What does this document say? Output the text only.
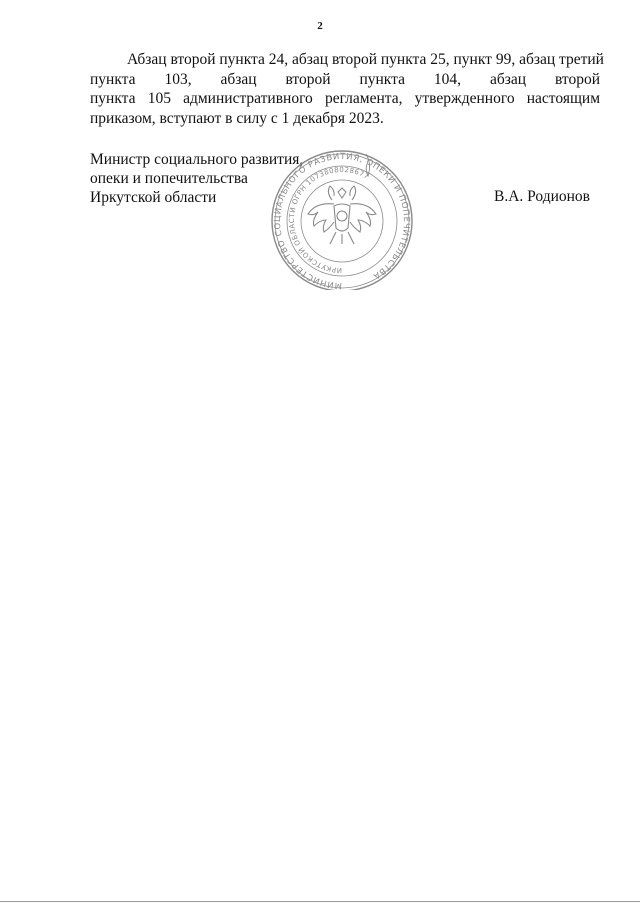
2

Абзац второй пункта 24, абзац второй пункта 25, пункт 99, абзац третий
пункта 103, абзац второй пункта 104, абзац второй
пункта 105 административного регламента, утвержденного настоящим
приказом, вступают в силу с 1 декабря 2023.

Министр социального развития,
опеки и попечительства
Иркутской области	В.А. Родионов
МИНИСТЕРСТВО СОЦИАЛЬНОГО РАЗВИТИЯ, ОПЕКИ И ПОПЕЧИТЕЛЬСТВА
ИРКУТСКОЙ ОБЛАСТИ ОГРН 1073808028677
